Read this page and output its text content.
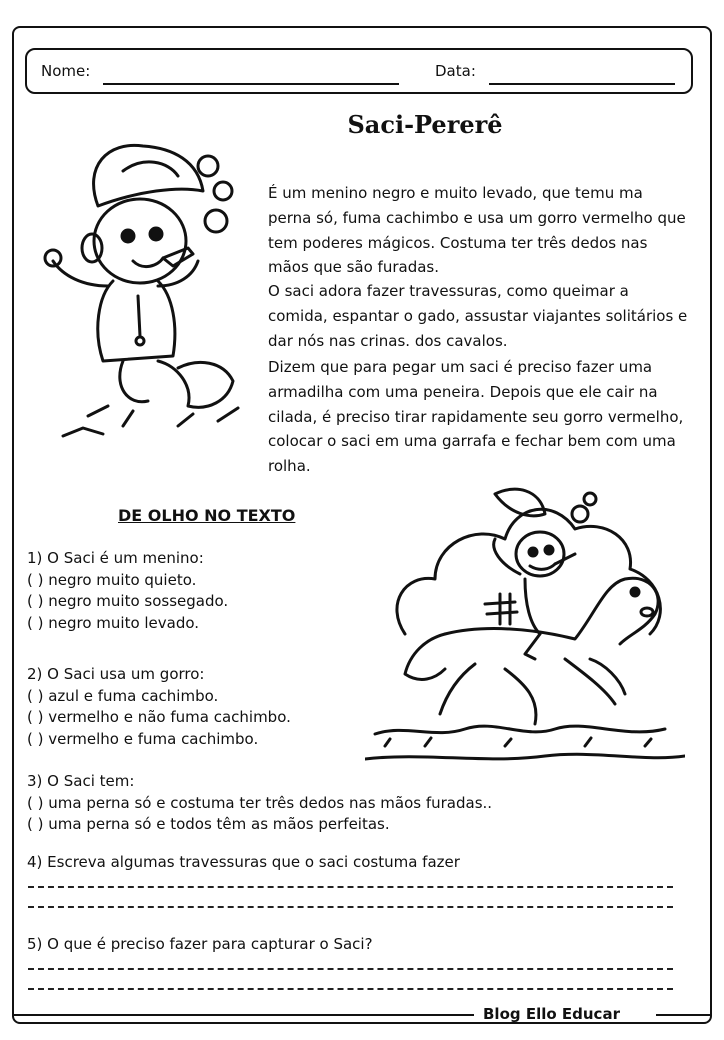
Nome:	Data:
Saci-Pererê

É um menino negro e muito levado, que temu ma perna só, fuma cachimbo e usa um gorro vermelho que tem poderes mágicos. Costuma ter três dedos nas mãos que são furadas.

O saci adora fazer travessuras, como queimar a comida, espantar o gado, assustar viajantes solitários e dar nós nas crinas. dos cavalos.

Dizem que para pegar um saci é preciso fazer uma armadilha com uma peneira. Depois que ele cair na cilada, é preciso tirar rapidamente seu gorro vermelho, colocar o saci em uma garrafa e fechar bem com uma rolha.

DE OLHO NO TEXTO
1) O Saci é um menino:
( ) negro muito quieto.
( ) negro muito sossegado.
( ) negro muito levado.
2) O Saci usa um gorro:
( ) azul e fuma cachimbo.
( ) vermelho e não fuma cachimbo.
( ) vermelho e fuma cachimbo.
3) O Saci tem:
( ) uma perna só e costuma ter três dedos nas mãos furadas..
( ) uma perna só e todos têm as mãos perfeitas.
4) Escreva algumas travessuras que o saci costuma fazer
5) O que é preciso fazer para capturar o Saci?
Blog Ello Educar
